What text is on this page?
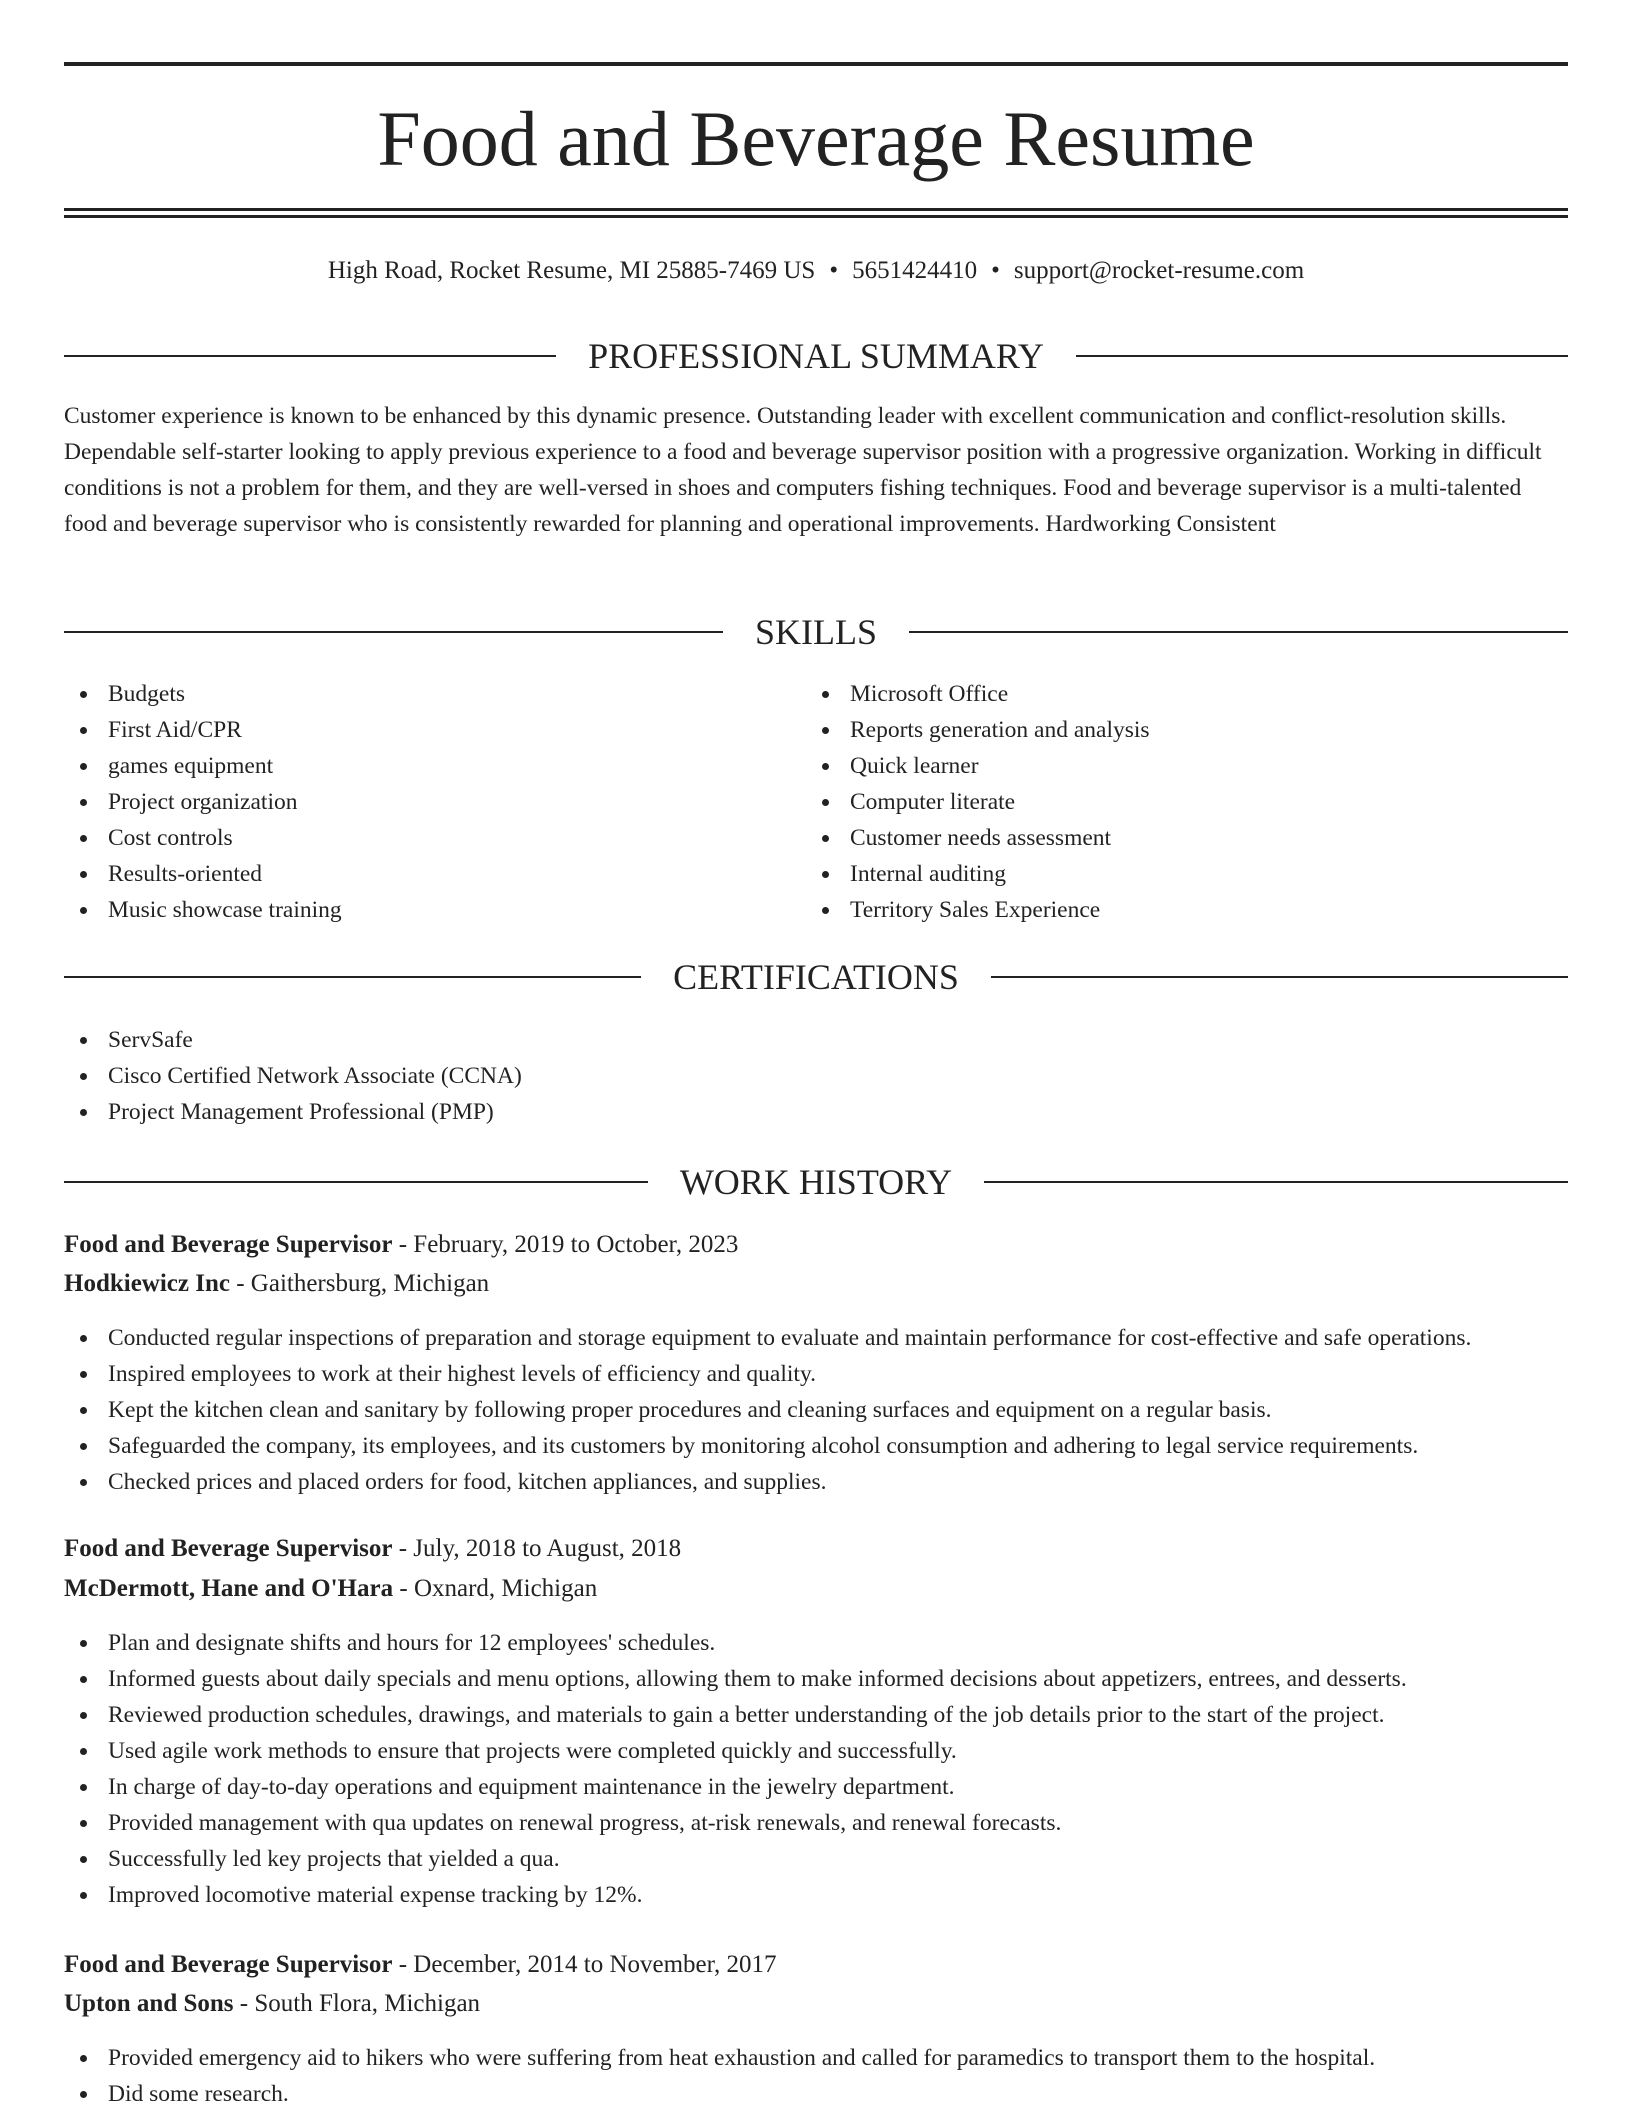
Food and Beverage Resume
High Road, Rocket Resume, MI 25885-7469 US • 5651424410 • support@rocket-resume.com
PROFESSIONAL SUMMARY

Customer experience is known to be enhanced by this dynamic presence. Outstanding leader with excellent communication and conflict-resolution skills. Dependable self-starter looking to apply previous experience to a food and beverage supervisor position with a progressive organization. Working in difficult conditions is not a problem for them, and they are well-versed in shoes and computers fishing techniques. Food and beverage supervisor is a multi-talented food and beverage supervisor who is consistently rewarded for planning and operational improvements. Hardworking Consistent

SKILLS
Budgets
First Aid/CPR
games equipment
Project organization
Cost controls
Results-oriented
Music showcase training
Microsoft Office
Reports generation and analysis
Quick learner
Computer literate
Customer needs assessment
Internal auditing
Territory Sales Experience
CERTIFICATIONS
ServSafe
Cisco Certified Network Associate (CCNA)
Project Management Professional (PMP)
WORK HISTORY
Food and Beverage Supervisor - February, 2019 to October, 2023
Hodkiewicz Inc - Gaithersburg, Michigan
Conducted regular inspections of preparation and storage equipment to evaluate and maintain performance for cost-effective and safe operations.
Inspired employees to work at their highest levels of efficiency and quality.
Kept the kitchen clean and sanitary by following proper procedures and cleaning surfaces and equipment on a regular basis.
Safeguarded the company, its employees, and its customers by monitoring alcohol consumption and adhering to legal service requirements.
Checked prices and placed orders for food, kitchen appliances, and supplies.
Food and Beverage Supervisor - July, 2018 to August, 2018
McDermott, Hane and O'Hara - Oxnard, Michigan
Plan and designate shifts and hours for 12 employees' schedules.
Informed guests about daily specials and menu options, allowing them to make informed decisions about appetizers, entrees, and desserts.
Reviewed production schedules, drawings, and materials to gain a better understanding of the job details prior to the start of the project.
Used agile work methods to ensure that projects were completed quickly and successfully.
In charge of day-to-day operations and equipment maintenance in the jewelry department.
Provided management with qua updates on renewal progress, at-risk renewals, and renewal forecasts.
Successfully led key projects that yielded a qua.
Improved locomotive material expense tracking by 12%.
Food and Beverage Supervisor - December, 2014 to November, 2017
Upton and Sons - South Flora, Michigan
Provided emergency aid to hikers who were suffering from heat exhaustion and called for paramedics to transport them to the hospital.
Did some research.
